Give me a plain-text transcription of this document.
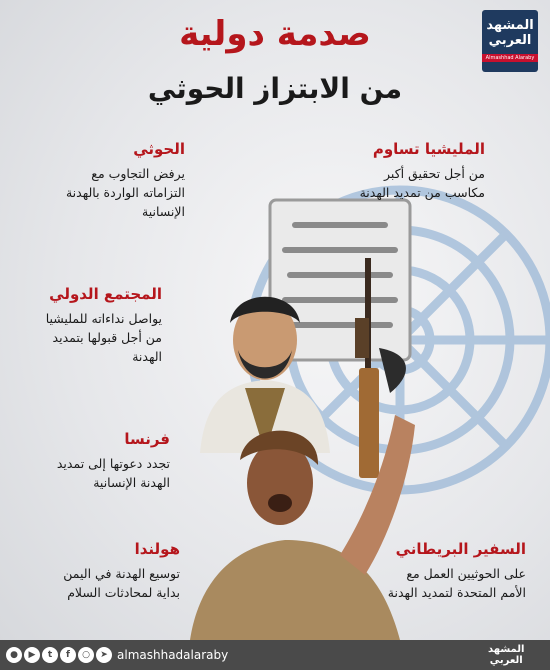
المشهد
العربي
Almashhad Alaraby
صدمة دولية
من الابتزاز الحوثي
الحوثي
يرفض التجاوب مع
التزاماته الواردة بالهدنة
الإنسانية
المليشيا تساوم
من أجل تحقيق أكبر
مكاسب من تمديد الهدنة
المجتمع الدولي
يواصل نداءاته للمليشيا
من أجل قبولها بتمديد
الهدنة
فرنسا
تجدد دعوتها إلى تمديد
الهدنة الإنسانية
هولندا
توسيع الهدنة في اليمن
بداية لمحادثات السلام
السفير البريطاني
على الحوثيين العمل مع
الأمم المتحدة لتمديد الهدنة
●	▶	t	f	○	➤ almashhadalaraby	المشهد
العربي
